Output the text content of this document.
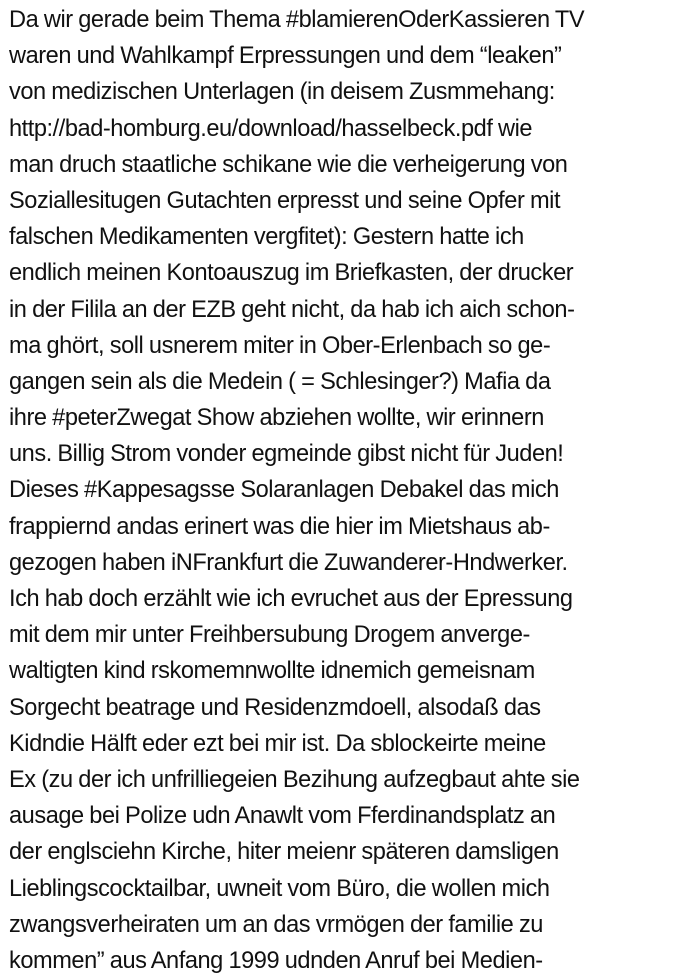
Da wir gerade beim Thema #blamierenOderKassieren TV
waren und Wahlkampf Erpressungen und dem “leaken”
von medizischen Unterlagen (in deisem Zusmmehang:
http://bad-homburg.eu/download/hasselbeck.pdf wie
man druch staatliche schikane wie die verheigerung von
Soziallesitugen Gutachten erpresst und seine Opfer mit
falschen Medikamenten vergfitet): Gestern hatte ich
endlich meinen Kontoauszug im Briefkasten, der drucker
in der Filila an der EZB geht nicht, da hab ich aich schon-
ma ghört, soll usnerem miter in Ober-Erlenbach so ge-
gangen sein als die Medein ( = Schlesinger?) Mafia da
ihre #peterZwegat Show abziehen wollte, wir erinnern
uns. Billig Strom vonder egmeinde gibst nicht für Juden!
Dieses #Kappesagsse Solaranlagen Debakel das mich
frappiernd andas erinert was die hier im Mietshaus ab-
gezogen haben iNFrankfurt die Zuwanderer-Hndwerker.
Ich hab doch erzählt wie ich evruchet aus der Epressung
mit dem mir unter Freihbersubung Drogem anverge-
waltigten kind rskomemnwollte idnemich gemeisnam
Sorgecht beatrage und Residenzmdoell, alsodaß das
Kidndie Hälft eder ezt bei mir ist. Da sblockeirte meine
Ex (zu der ich unfrilliegeien Bezihung aufzegbaut ahte sie
ausage bei Polize udn Anawlt vom Fferdinandsplatz an
der englsciehn Kirche, hiter meienr späteren damsligen
Lieblingscocktailbar, uwneit vom Büro, die wollen mich
zwangsverheiraten um an das vrmögen der familie zu
kommen” aus Anfang 1999 udnden Anruf bei Medien-
